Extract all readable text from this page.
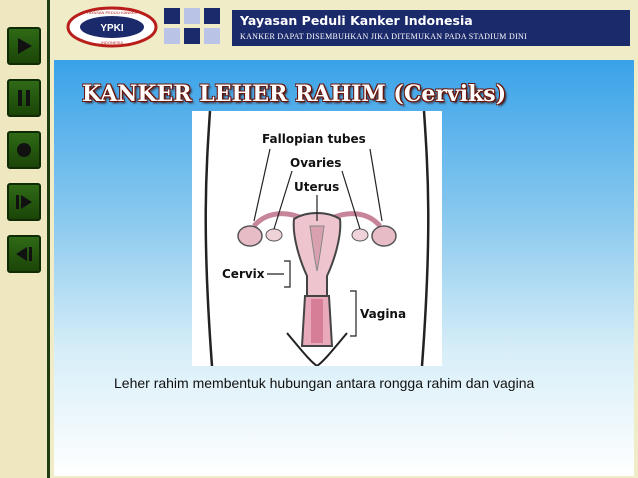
YPKI
YAYASAN PEDULI KANKER
INDONESIA
Yayasan Peduli Kanker Indonesia
KANKER DAPAT DISEMBUHKAN JIKA DITEMUKAN PADA STADIUM DINI
KANKER LEHER RAHIM (Cerviks)
Fallopian tubes
Ovaries
Uterus
Cervix
Vagina
Leher rahim membentuk hubungan antara rongga rahim dan vagina
